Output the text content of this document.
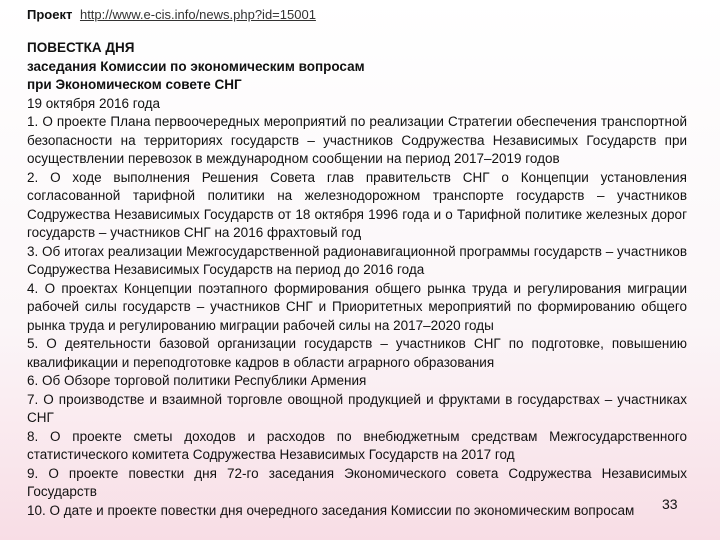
Проект http://www.e-cis.info/news.php?id=15001
ПОВЕСТКА ДНЯ
заседания Комиссии по экономическим вопросам
при Экономическом совете СНГ
19 октября 2016 года
1. О проекте Плана первоочередных мероприятий по реализации Стратегии обеспечения транспортной безопасности на территориях государств – участников Содружества Независимых Государств при осуществлении перевозок в международном сообщении на период 2017–2019 годов
2. О ходе выполнения Решения Совета глав правительств СНГ о Концепции установления согласованной тарифной политики на железнодорожном транспорте государств – участников Содружества Независимых Государств от 18 октября 1996 года и о Тарифной политике железных дорог государств – участников СНГ на 2016 фрахтовый год
3. Об итогах реализации Межгосударственной радионавигационной программы государств – участников Содружества Независимых Государств на период до 2016 года
4. О проектах Концепции поэтапного формирования общего рынка труда и регулирования миграции рабочей силы государств – участников СНГ и Приоритетных мероприятий по формированию общего рынка труда и регулированию миграции рабочей силы на 2017–2020 годы
5. О деятельности базовой организации государств – участников СНГ по подготовке, повышению квалификации и переподготовке кадров в области аграрного образования
6. Об Обзоре торговой политики Республики Армения
7. О производстве и взаимной торговле овощной продукцией и фруктами в государствах – участниках СНГ
8. О проекте сметы доходов и расходов по внебюджетным средствам Межгосударственного статистического комитета Содружества Независимых Государств на 2017 год
9. О проекте повестки дня 72-го заседания Экономического совета Содружества Независимых Государств
10. О дате и проекте повестки дня очередного заседания Комиссии по экономическим вопросам	33
